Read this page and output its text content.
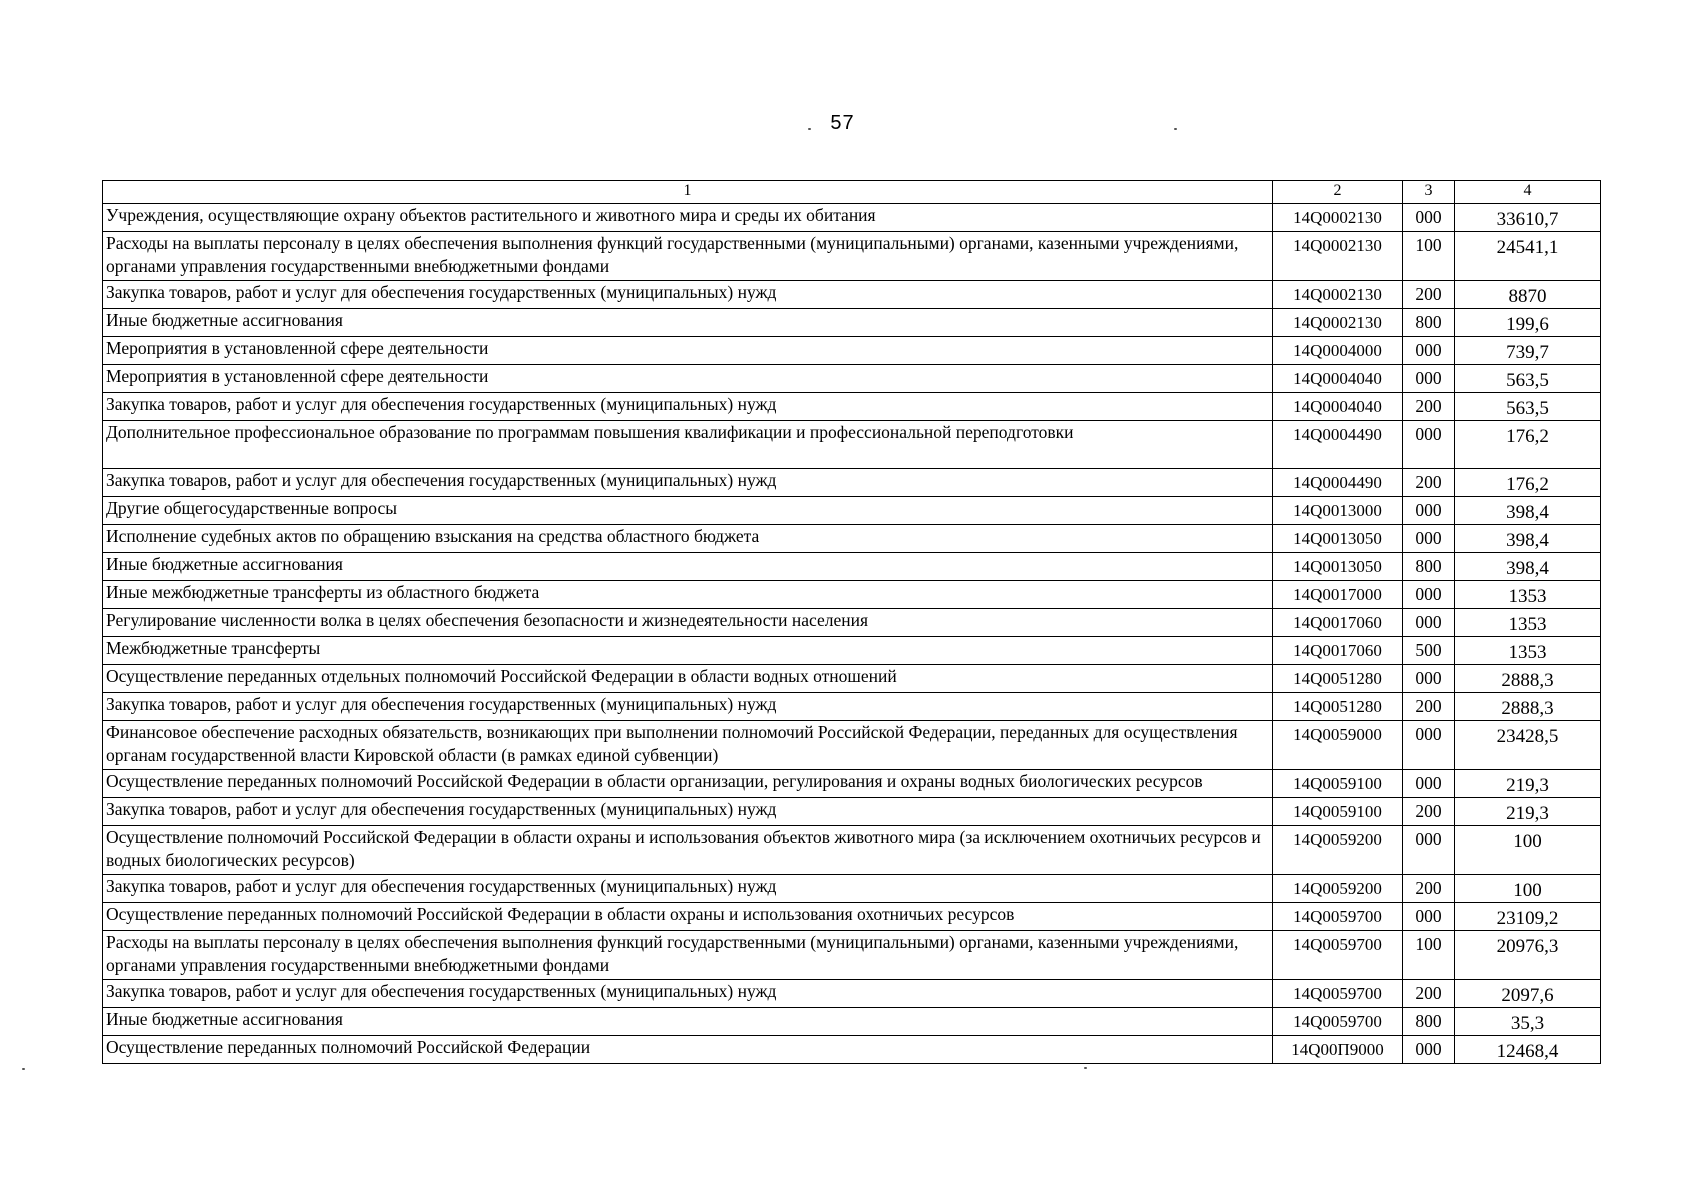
57
1	2	3	4
Учреждения, осуществляющие охрану объектов растительного и животного мира и среды их обитания	14Q0002130	000	33610,7
Расходы на выплаты персоналу в целях обеспечения выполнения функций государственными (муниципальными) органами, казенными учреждениями, органами управления государственными внебюджетными фондами	14Q0002130	100	24541,1
Закупка товаров, работ и услуг для обеспечения государственных (муниципальных) нужд	14Q0002130	200	8870
Иные бюджетные ассигнования	14Q0002130	800	199,6
Мероприятия в установленной сфере деятельности	14Q0004000	000	739,7
Мероприятия в установленной сфере деятельности	14Q0004040	000	563,5
Закупка товаров, работ и услуг для обеспечения государственных (муниципальных) нужд	14Q0004040	200	563,5
Дополнительное профессиональное образование по программам повышения квалификации и профессиональной переподготовки	14Q0004490	000	176,2
Закупка товаров, работ и услуг для обеспечения государственных (муниципальных) нужд	14Q0004490	200	176,2
Другие общегосударственные вопросы	14Q0013000	000	398,4
Исполнение судебных актов по обращению взыскания на средства областного бюджета	14Q0013050	000	398,4
Иные бюджетные ассигнования	14Q0013050	800	398,4
Иные межбюджетные трансферты из областного бюджета	14Q0017000	000	1353
Регулирование численности волка в целях обеспечения безопасности и жизнедеятельности населения	14Q0017060	000	1353
Межбюджетные трансферты	14Q0017060	500	1353
Осуществление переданных отдельных полномочий Российской Федерации в области водных отношений	14Q0051280	000	2888,3
Закупка товаров, работ и услуг для обеспечения государственных (муниципальных) нужд	14Q0051280	200	2888,3
Финансовое обеспечение расходных обязательств, возникающих при выполнении полномочий Российской Федерации, переданных для осуществления органам государственной власти Кировской области (в рамках единой субвенции)	14Q0059000	000	23428,5
Осуществление переданных полномочий Российской Федерации в области организации, регулирования и охраны водных биологических ресурсов	14Q0059100	000	219,3
Закупка товаров, работ и услуг для обеспечения государственных (муниципальных) нужд	14Q0059100	200	219,3
Осуществление полномочий Российской Федерации в области охраны и использования объектов животного мира (за исключением охотничьих ресурсов и водных биологических ресурсов)	14Q0059200	000	100
Закупка товаров, работ и услуг для обеспечения государственных (муниципальных) нужд	14Q0059200	200	100
Осуществление переданных полномочий Российской Федерации в области охраны и использования охотничьих ресурсов	14Q0059700	000	23109,2
Расходы на выплаты персоналу в целях обеспечения выполнения функций государственными (муниципальными) органами, казенными учреждениями, органами управления государственными внебюджетными фондами	14Q0059700	100	20976,3
Закупка товаров, работ и услуг для обеспечения государственных (муниципальных) нужд	14Q0059700	200	2097,6
Иные бюджетные ассигнования	14Q0059700	800	35,3
Осуществление переданных полномочий Российской Федерации	14Q00П9000	000	12468,4
